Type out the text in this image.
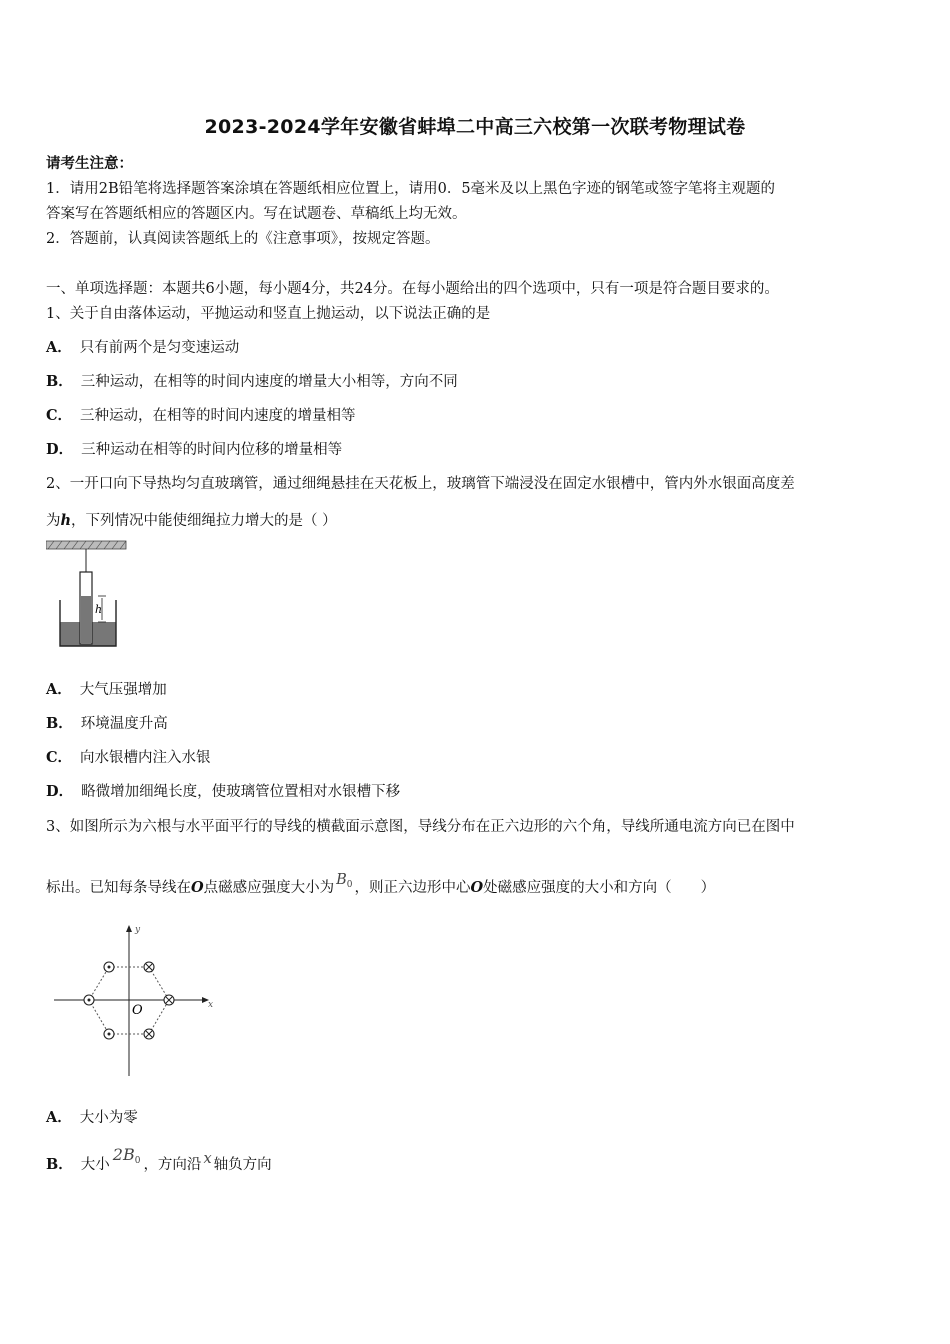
2023-2024学年安徽省蚌埠二中高三六校第一次联考物理试卷
请考生注意：
1．请用2B铅笔将选择题答案涂填在答题纸相应位置上，请用0．5毫米及以上黑色字迹的钢笔或签字笔将主观题的
答案写在答题纸相应的答题区内。写在试题卷、草稿纸上均无效。
2．答题前，认真阅读答题纸上的《注意事项》，按规定答题。
一、单项选择题：本题共6小题，每小题4分，共24分。在每小题给出的四个选项中，只有一项是符合题目要求的。
1、关于自由落体运动，平抛运动和竖直上抛运动，以下说法正确的是
A． 只有前两个是匀变速运动
B． 三种运动，在相等的时间内速度的增量大小相等，方向不同
C． 三种运动，在相等的时间内速度的增量相等
D． 三种运动在相等的时间内位移的增量相等
2、一开口向下导热均匀直玻璃管，通过细绳悬挂在天花板上，玻璃管下端浸没在固定水银槽中，管内外水银面高度差
为h，下列情况中能使细绳拉力增大的是（ ）
h
A． 大气压强增加
B． 环境温度升高
C． 向水银槽内注入水银
D． 略微增加细绳长度，使玻璃管位置相对水银槽下移
3、如图所示为六根与水平面平行的导线的横截面示意图，导线分布在正六边形的六个角，导线所通电流方向已在图中
标出。已知每条导线在O点磁感应强度大小为 $B_0$ ，则正六边形中心O处磁感应强度的大小和方向（　　）
x
y
O
A． 大小为零
B． 大小$2B_0$ ，方向沿 x 轴负方向
